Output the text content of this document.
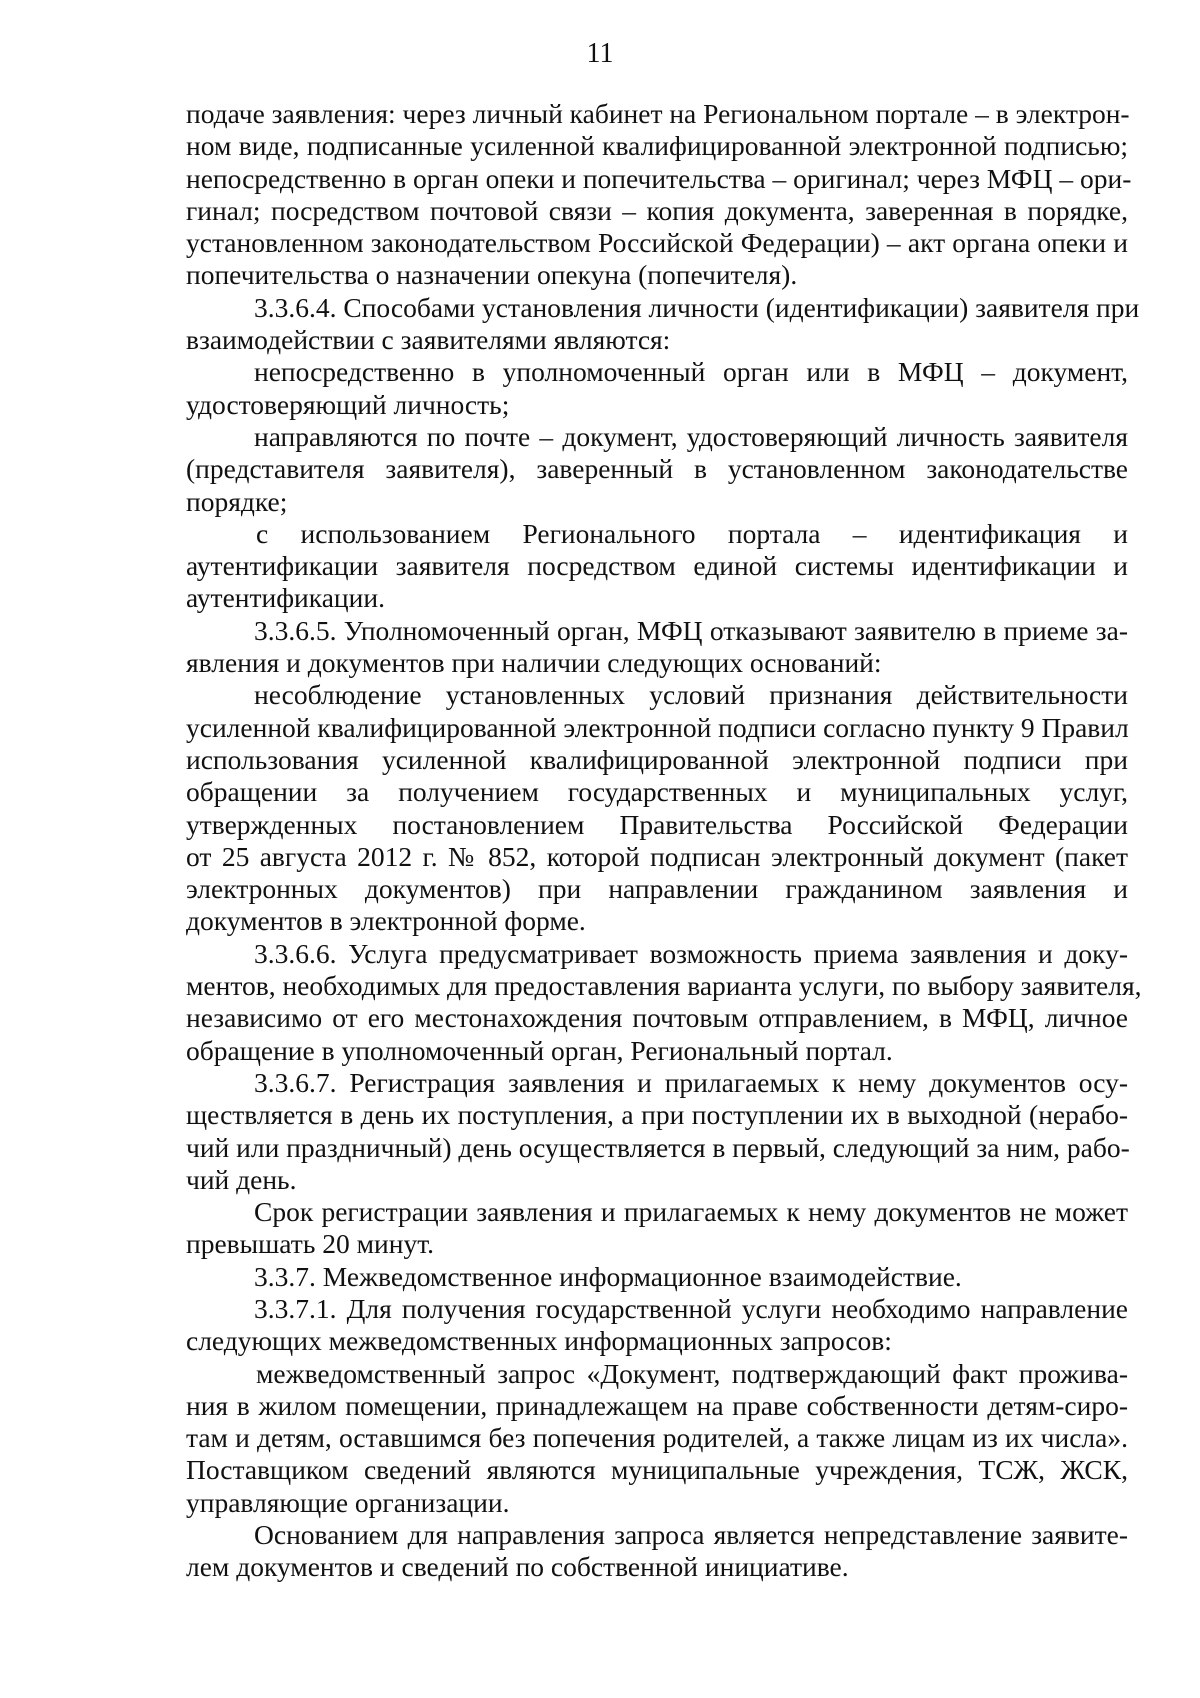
11
подаче заявления: через личный кабинет на Региональном портале – в электрон-
ном виде, подписанные усиленной квалифицированной электронной подписью;
непосредственно в орган опеки и попечительства – оригинал; через МФЦ – ори-
гинал; посредством почтовой связи – копия документа, заверенная в порядке,
установленном законодательством Российской Федерации) – акт органа опеки и
попечительства о назначении опекуна (попечителя).
3.3.6.4. Способами установления личности (идентификации) заявителя при
взаимодействии с заявителями являются:
непосредственно в уполномоченный орган или в МФЦ – документ,
удостоверяющий личность;
направляются по почте – документ, удостоверяющий личность заявителя
(представителя заявителя), заверенный в установленном законодательстве
порядке;
с использованием Регионального портала – идентификация и
аутентификации заявителя посредством единой системы идентификации и
аутентификации.
3.3.6.5. Уполномоченный орган, МФЦ отказывают заявителю в приеме за-
явления и документов при наличии следующих оснований:
несоблюдение установленных условий признания действительности
усиленной квалифицированной электронной подписи согласно пункту 9 Правил
использования усиленной квалифицированной электронной подписи при
обращении за получением государственных и муниципальных услуг,
утвержденных постановлением Правительства Российской Федерации
от 25 августа 2012 г. № 852, которой подписан электронный документ (пакет
электронных документов) при направлении гражданином заявления и
документов в электронной форме.
3.3.6.6. Услуга предусматривает возможность приема заявления и доку-
ментов, необходимых для предоставления варианта услуги, по выбору заявителя,
независимо от его местонахождения почтовым отправлением, в МФЦ, личное
обращение в уполномоченный орган, Региональный портал.
3.3.6.7. Регистрация заявления и прилагаемых к нему документов осу-
ществляется в день их поступления, а при поступлении их в выходной (нерабо-
чий или праздничный) день осуществляется в первый, следующий за ним, рабо-
чий день.
Срок регистрации заявления и прилагаемых к нему документов не может
превышать 20 минут.
3.3.7. Межведомственное информационное взаимодействие.
3.3.7.1. Для получения государственной услуги необходимо направление
следующих межведомственных информационных запросов:
межведомственный запрос «Документ, подтверждающий факт прожива-
ния в жилом помещении, принадлежащем на праве собственности детям-сиро-
там и детям, оставшимся без попечения родителей, а также лицам из их числа».
Поставщиком сведений являются муниципальные учреждения, ТСЖ, ЖСК,
управляющие организации.
Основанием для направления запроса является непредставление заявите-
лем документов и сведений по собственной инициативе.
